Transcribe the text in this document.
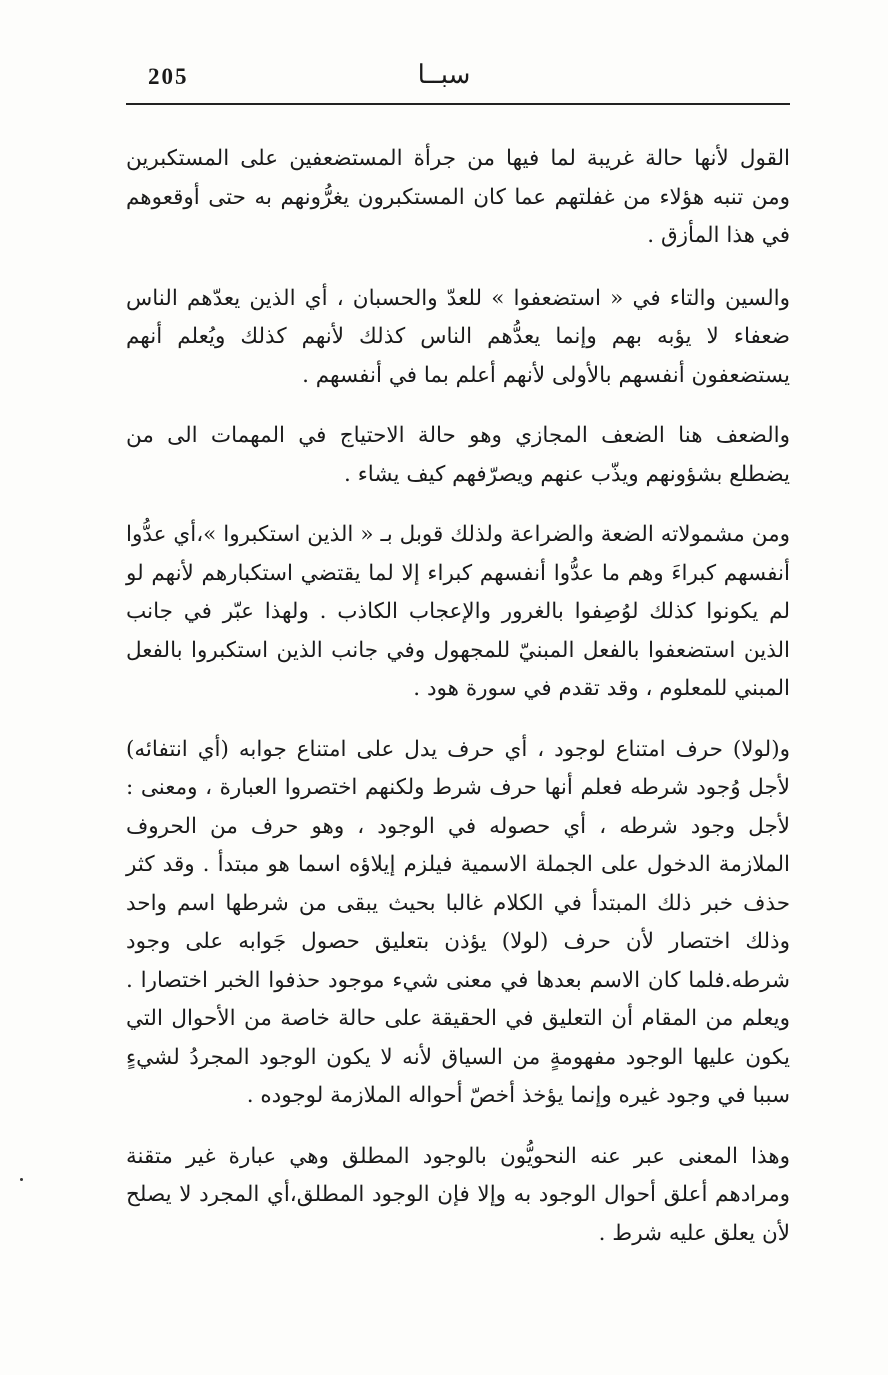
205	سبــا

القول لأنها حالة غريبة لما فيها من جرأة المستضعفين على المستكبرين ومن تنبه هؤلاء من غفلتهم عما كان المستكبرون يغرُّونهم به حتى أوقعوهم في هذا المأزق .

والسين والتاء في « استضعفوا » للعدّ والحسبان ، أي الذين يعدّهم الناس ضعفاء لا يؤبه بهم وإنما يعدُّهم الناس كذلك لأنهم كذلك ويُعلم أنهم يستضعفون أنفسهم بالأولى لأنهم أعلم بما في أنفسهم .

والضعف هنا الضعف المجازي وهو حالة الاحتياج في المهمات الى من يضطلع بشؤونهم ويذّب عنهم ويصرّفهم كيف يشاء .

ومن مشمولاته الضعة والضراعة ولذلك قوبل بـ « الذين استكبروا »،أي عدُّوا أنفسهم كبراءَ وهم ما عدُّوا أنفسهم كبراء إلا لما يقتضي استكبارهم لأنهم لو لم يكونوا كذلك لوُصِفوا بالغرور والإعجاب الكاذب . ولهذا عبّر في جانب الذين استضعفوا بالفعل المبنيّ للمجهول وفي جانب الذين استكبروا بالفعل المبني للمعلوم ، وقد تقدم في سورة هود .

و(لولا) حرف امتناع لوجود ، أي حرف يدل على امتناع جوابه (أي انتفائه) لأجل وُجود شرطه فعلم أنها حرف شرط ولكنهم اختصروا العبارة ، ومعنى : لأجل وجود شرطه ، أي حصوله في الوجود ، وهو حرف من الحروف الملازمة الدخول على الجملة الاسمية فيلزم إيلاؤه اسما هو مبتدأ . وقد كثر حذف خبر ذلك المبتدأ في الكلام غالبا بحيث يبقى من شرطها اسم واحد وذلك اختصار لأن حرف (لولا) يؤذن بتعليق حصول جَوابه على وجود شرطه.فلما كان الاسم بعدها في معنى شيء موجود حذفوا الخبر اختصارا . ويعلم من المقام أن التعليق في الحقيقة على حالة خاصة من الأحوال التي يكون عليها الوجود مفهومةٍ من السياق لأنه لا يكون الوجود المجردُ لشيءٍ سببا في وجود غيره وإنما يؤخذ أخصّ أحواله الملازمة لوجوده .

وهذا المعنى عبر عنه النحويُّون بالوجود المطلق وهي عبارة غير متقنة ومرادهم أعلق أحوال الوجود به وإلا فإن الوجود المطلق،أي المجرد لا يصلح لأن يعلق عليه شرط .
